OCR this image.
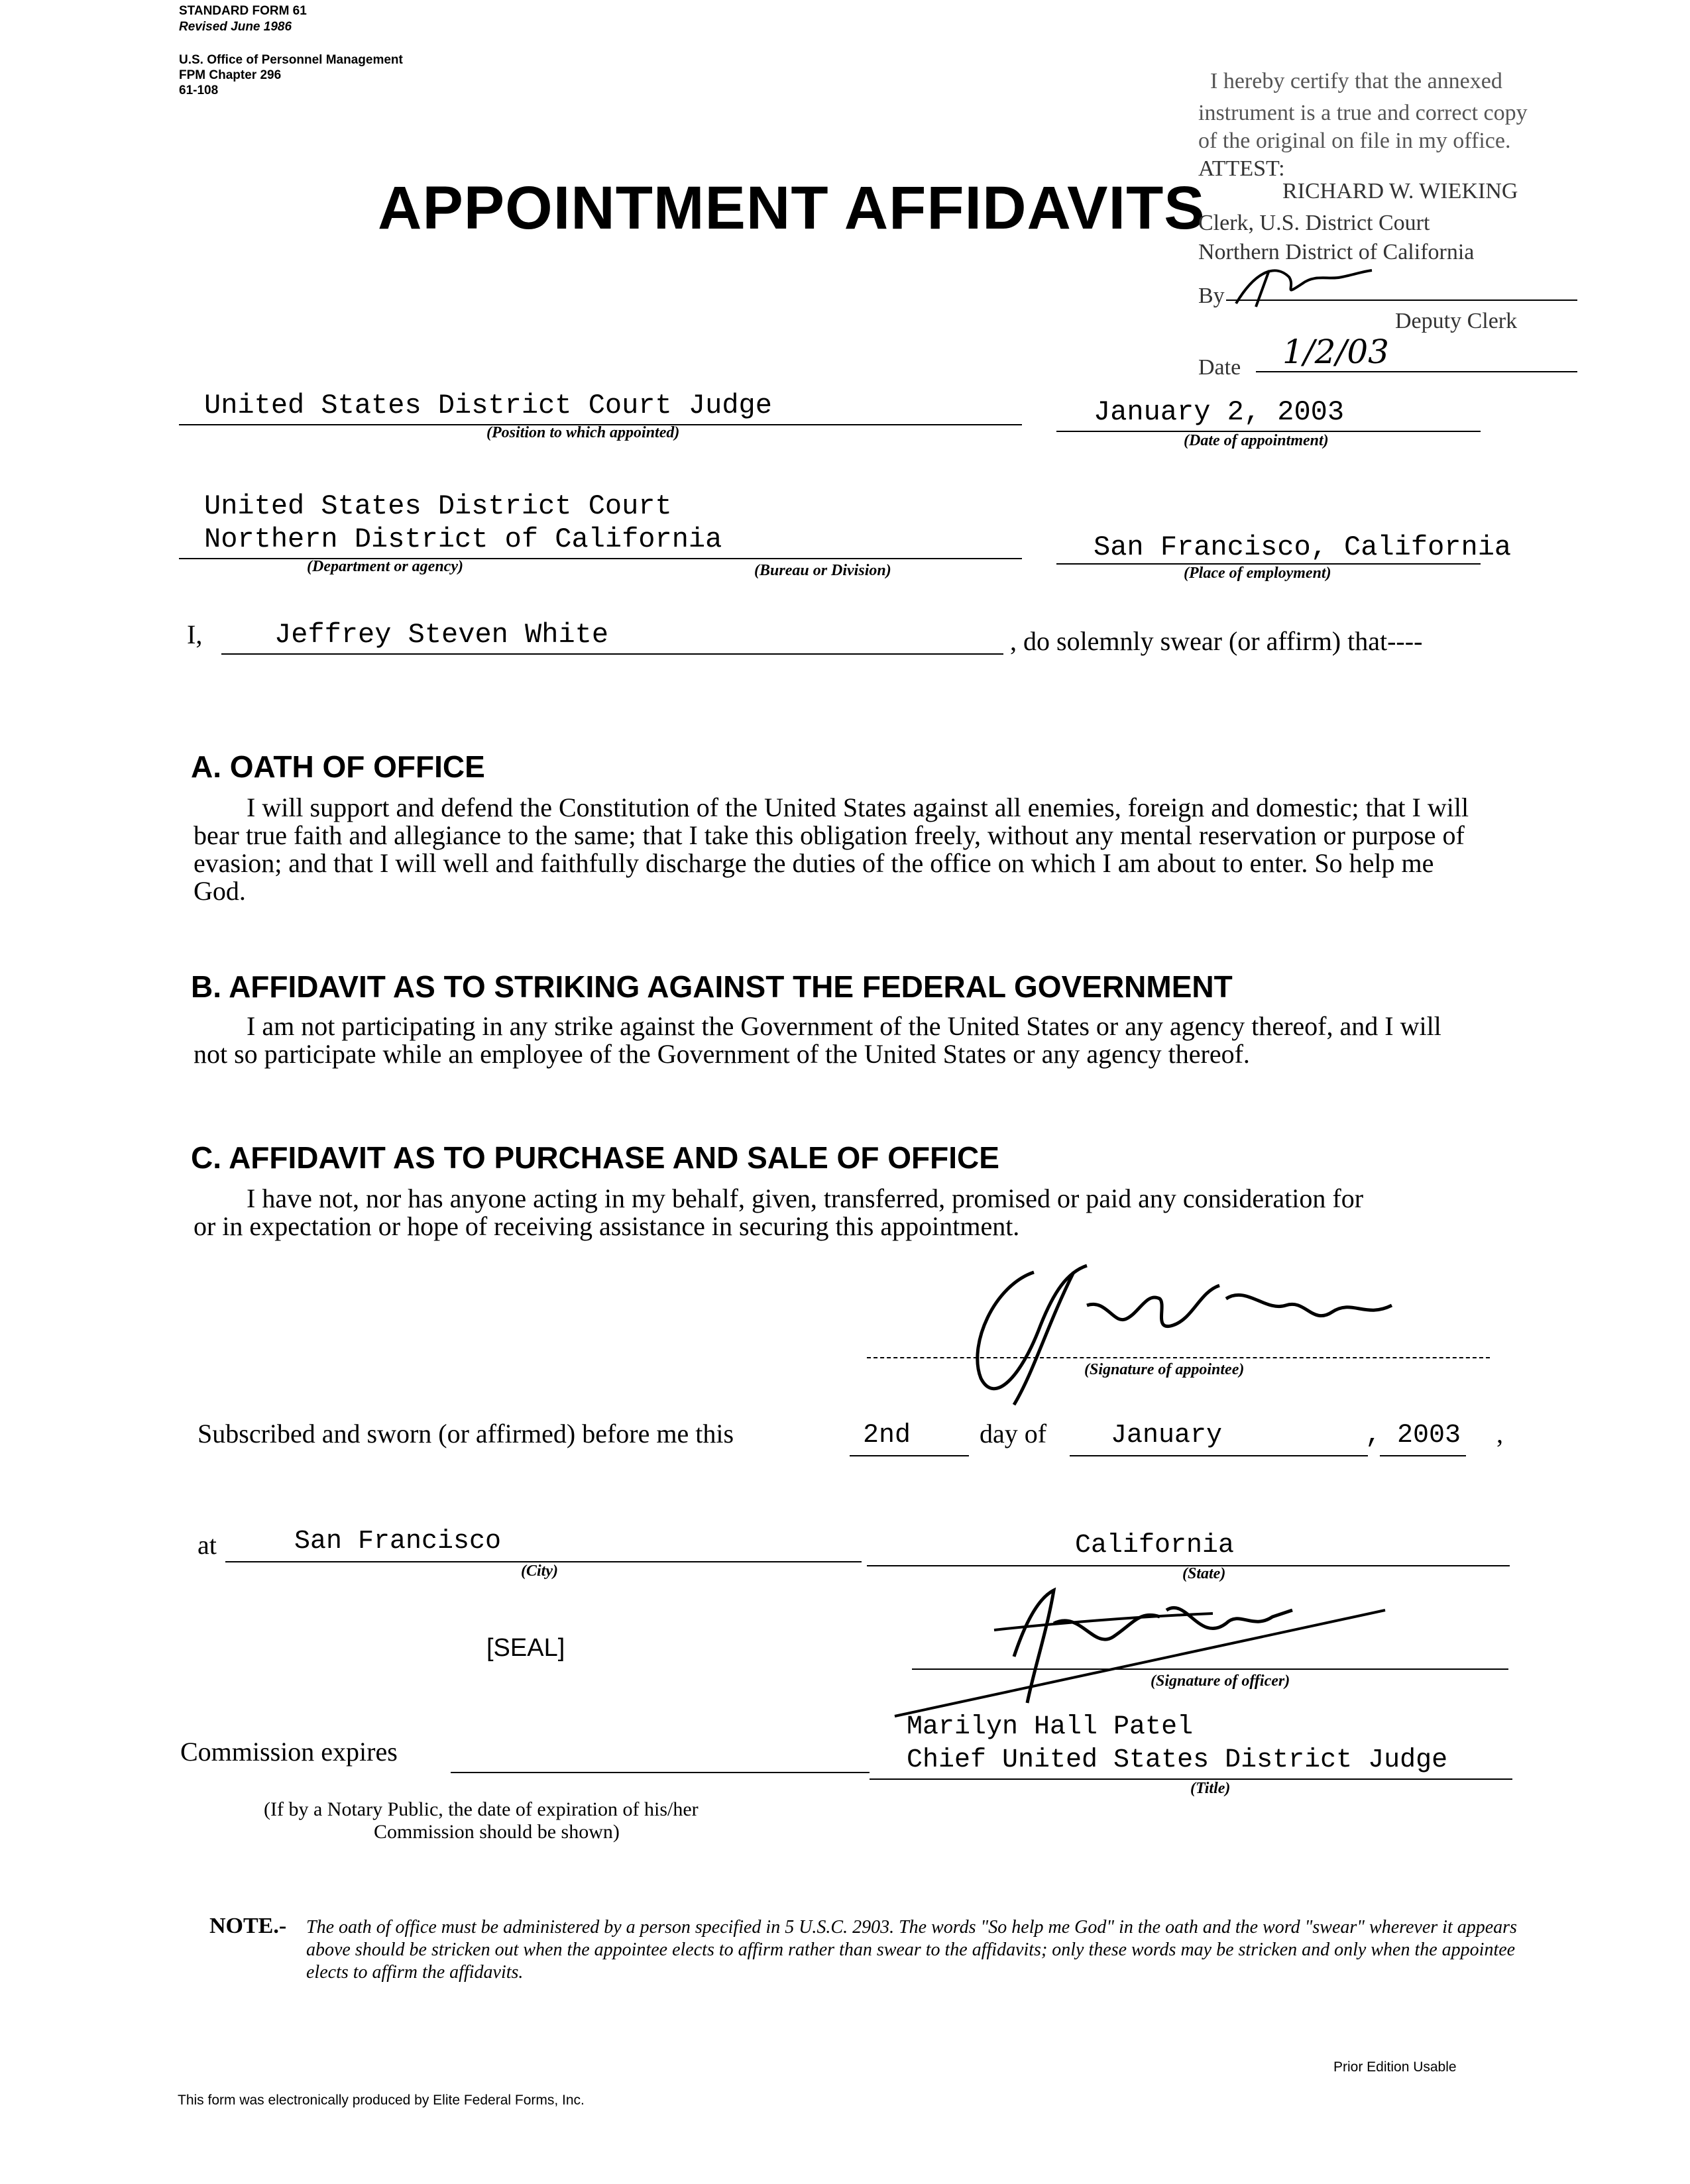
STANDARD FORM 61
Revised June 1986
U.S. Office of Personnel Management
FPM Chapter 296
61-108
APPOINTMENT AFFIDAVITS
I hereby certify that the annexed
instrument is a true and correct copy
of the original on file in my office.
ATTEST:
RICHARD W. WIEKING
Clerk, U.S. District Court
Northern District of California
By
Deputy Clerk
Date 1/2/03
United States District Court Judge
(Position to which appointed)
January 2, 2003
(Date of appointment)
United States District Court
Northern District of California
(Department or agency)	(Bureau or Division)
San Francisco, California
(Place of employment)
I,	Jeffrey Steven White	, do solemnly swear (or affirm) that----
A. OATH OF OFFICE
I will support and defend the Constitution of the United States against all enemies, foreign and domestic; that I will bear true faith and allegiance to the same; that I take this obligation freely, without any mental reservation or purpose of evasion; and that I will well and faithfully discharge the duties of the office on which I am about to enter. So help me God.
B. AFFIDAVIT AS TO STRIKING AGAINST THE FEDERAL GOVERNMENT
I am not participating in any strike against the Government of the United States or any agency thereof, and I will not so participate while an employee of the Government of the United States or any agency thereof.
C. AFFIDAVIT AS TO PURCHASE AND SALE OF OFFICE
I have not, nor has anyone acting in my behalf, given, transferred, promised or paid any consideration for or in expectation or hope of receiving assistance in securing this appointment.
(Signature of appointee)
Subscribed and sworn (or affirmed) before me this	2nd	day of January	, 2003 ,
at	San Francisco
(City)
California
(State)
[SEAL]
(Signature of officer)
Marilyn Hall Patel
Chief United States District Judge
(Title)
Commission expires
(If by a Notary Public, the date of expiration of his/her
Commission should be shown)
NOTE.- The oath of office must be administered by a person specified in 5 U.S.C. 2903. The words "So help me God" in the oath and the word "swear" wherever it appears above should be stricken out when the appointee elects to affirm rather than swear to the affidavits; only these words may be stricken and only when the appointee elects to affirm the affidavits.
This form was electronically produced by Elite Federal Forms, Inc.
Prior Edition Usable
